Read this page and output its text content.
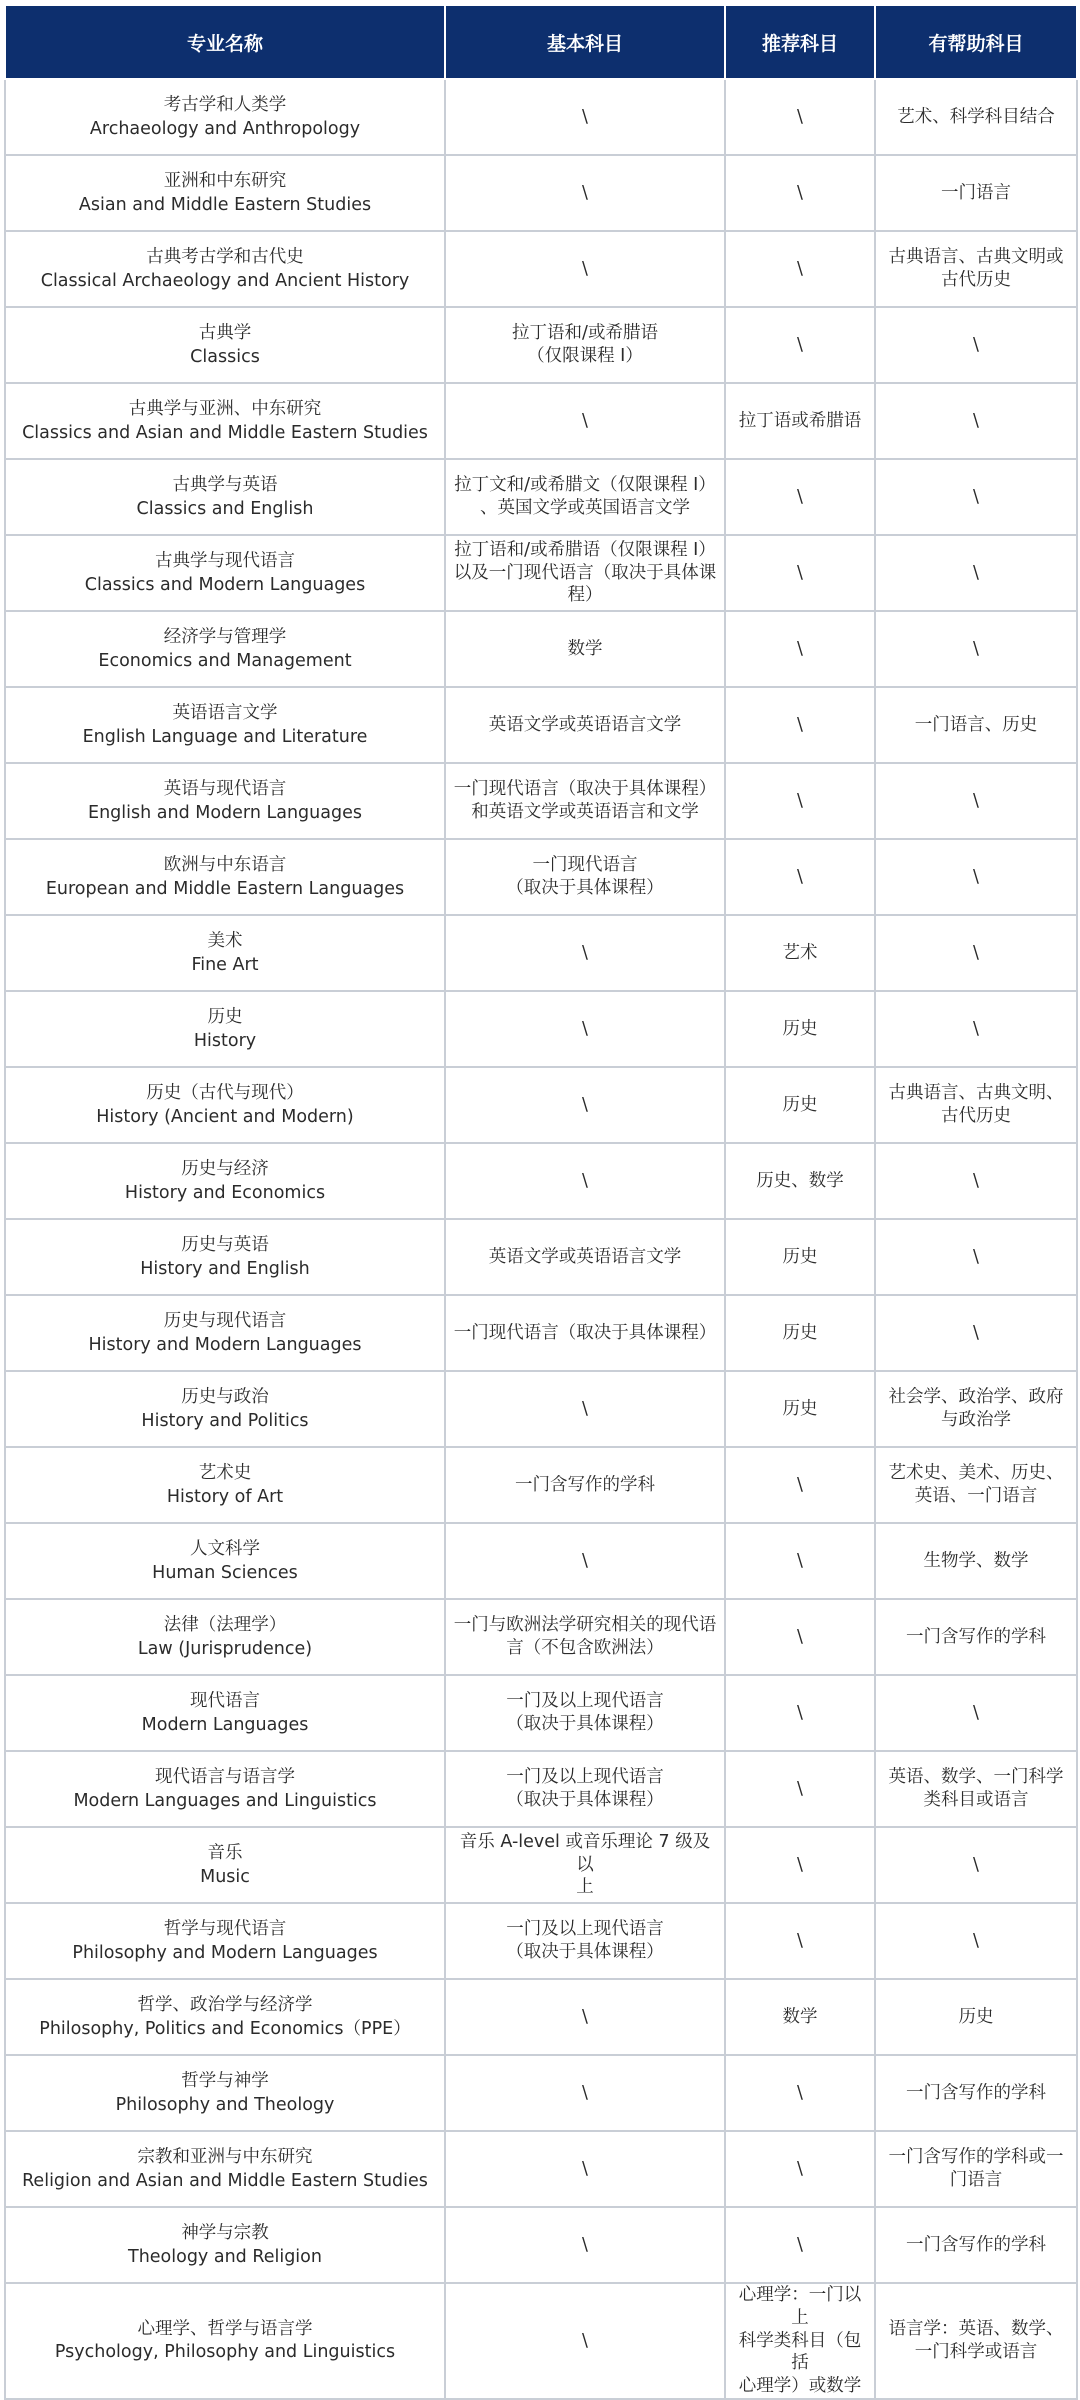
专业名称	基本科目	推荐科目	有帮助科目

考古学和人类学
Archaeology and Anthropology	\	\	艺术、科学科目结合

亚洲和中东研究
Asian and Middle Eastern Studies	\	\	一门语言

古典考古学和古代史
Classical Archaeology and Ancient History	\	\	古典语言、古典文明或
古代历史

古典学
Classics	拉丁语和/或希腊语
（仅限课程 I）	\	\

古典学与亚洲、中东研究
Classics and Asian and Middle Eastern Studies	\	拉丁语或希腊语	\

古典学与英语
Classics and English	拉丁文和/或希腊文（仅限课程 I）
、英国文学或英国语言文学	\	\

古典学与现代语言
Classics and Modern Languages	拉丁语和/或希腊语（仅限课程 I）
以及一门现代语言（取决于具体课
程）	\	\

经济学与管理学
Economics and Management	数学	\	\

英语语言文学
English Language and Literature	英语文学或英语语言文学	\	一门语言、历史

英语与现代语言
English and Modern Languages	一门现代语言（取决于具体课程）
和英语文学或英语语言和文学	\	\

欧洲与中东语言
European and Middle Eastern Languages	一门现代语言
（取决于具体课程）	\	\

美术
Fine Art	\	艺术	\

历史
History	\	历史	\

历史（古代与现代）
History (Ancient and Modern)	\	历史	古典语言、古典文明、
古代历史

历史与经济
History and Economics	\	历史、数学	\

历史与英语
History and English	英语文学或英语语言文学	历史	\

历史与现代语言
History and Modern Languages	一门现代语言（取决于具体课程）	历史	\

历史与政治
History and Politics	\	历史	社会学、政治学、政府
与政治学

艺术史
History of Art	一门含写作的学科	\	艺术史、美术、历史、
英语、一门语言

人文科学
Human Sciences	\	\	生物学、数学

法律（法理学）
Law (Jurisprudence)	一门与欧洲法学研究相关的现代语
言（不包含欧洲法）	\	一门含写作的学科

现代语言
Modern Languages	一门及以上现代语言
（取决于具体课程）	\	\

现代语言与语言学
Modern Languages and Linguistics	一门及以上现代语言
（取决于具体课程）	\	英语、数学、一门科学
类科目或语言

音乐
Music	音乐 A-level 或音乐理论 7 级及以
上	\	\

哲学与现代语言
Philosophy and Modern Languages	一门及以上现代语言
（取决于具体课程）	\	\

哲学、政治学与经济学
Philosophy, Politics and Economics（PPE）	\	数学	历史

哲学与神学
Philosophy and Theology	\	\	一门含写作的学科

宗教和亚洲与中东研究
Religion and Asian and Middle Eastern Studies	\	\	一门含写作的学科或一
门语言

神学与宗教
Theology and Religion	\	\	一门含写作的学科

心理学、哲学与语言学
Psychology, Philosophy and Linguistics	\	心理学：一门以上
科学类科目（包括
心理学）或数学	语言学：英语、数学、
一门科学或语言
